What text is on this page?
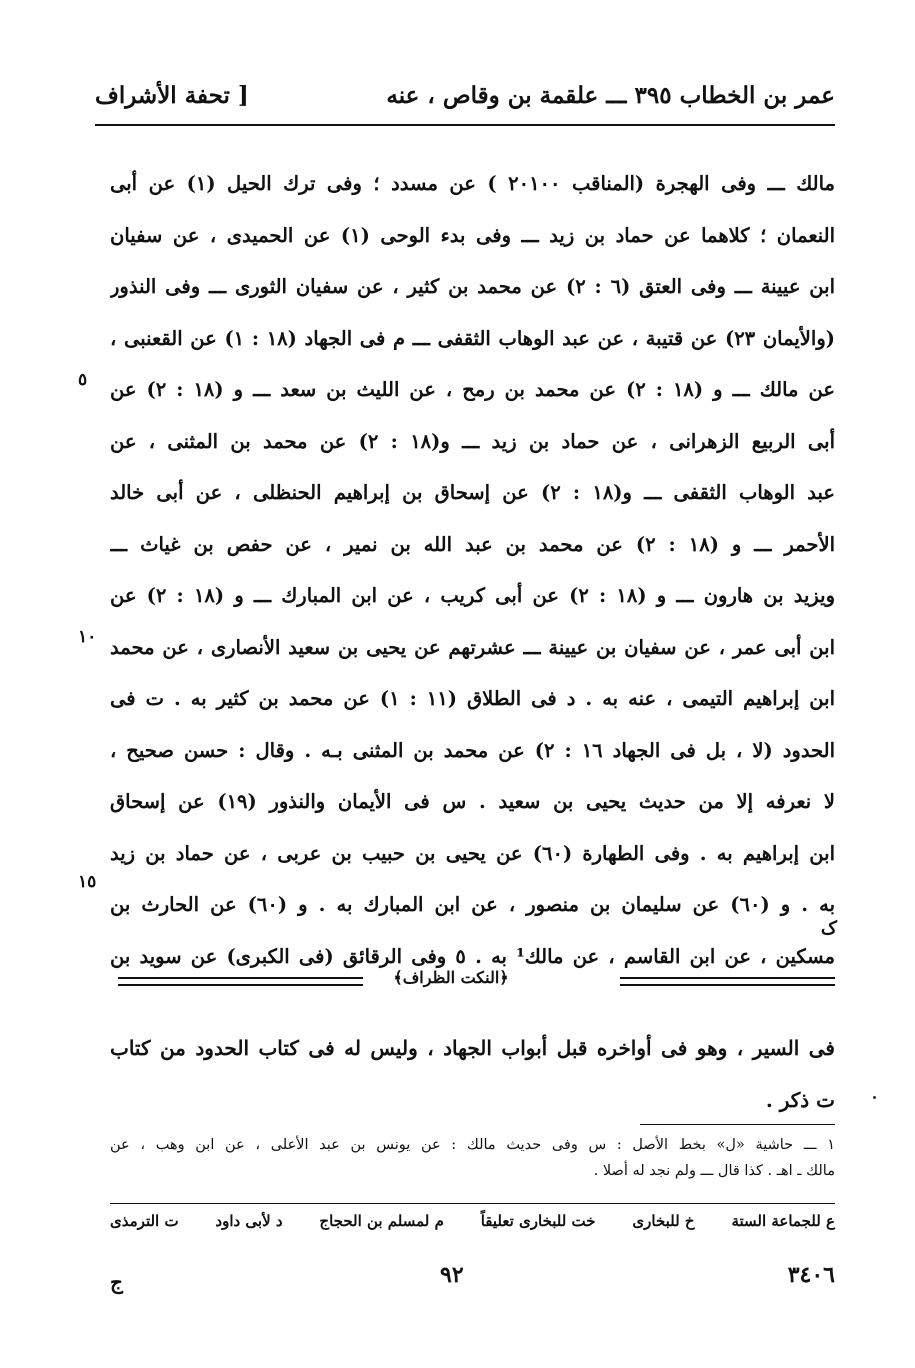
عمر بن الخطاب ٣٩٥ ـــ علقمة بن وقاص ، عنه
[ تحفة الأشراف
مالك ـــ وفى الهجرة (المناقب ٢٠١٠٠ ) عن مسدد ؛ وفى ترك الحيل (١) عن أبى
النعمان ؛ كلاهما عن حماد بن زيد ـــ وفى بدء الوحى (١) عن الحميدى ، عن سفيان
ابن عيينة ـــ وفى العتق (٦ : ٢) عن محمد بن كثير ، عن سفيان الثورى ـــ وفى النذور
(والأيمان ٢٣) عن قتيبة ، عن عبد الوهاب الثقفى ـــ م فى الجهاد (١٨ : ١) عن القعنبى ،
عن مالك ـــ و (١٨ : ٢) عن محمد بن رمح ، عن الليث بن سعد ـــ و (١٨ : ٢) عن
أبى الربيع الزهرانى ، عن حماد بن زيد ـــ و(١٨ : ٢) عن محمد بن المثنى ، عن
عبد الوهاب الثقفى ـــ و(١٨ : ٢) عن إسحاق بن إبراهيم الحنظلى ، عن أبى خالد
الأحمر ـــ و (١٨ : ٢) عن محمد بن عبد الله بن نمير ، عن حفص بن غياث ـــ
ويزيد بن هارون ـــ و (١٨ : ٢) عن أبى كريب ، عن ابن المبارك ـــ و (١٨ : ٢) عن
ابن أبى عمر ، عن سفيان بن عيينة ـــ عشرتهم عن يحيى بن سعيد الأنصارى ، عن محمد
ابن إبراهيم التيمى ، عنه به . د فى الطلاق (١١ : ١) عن محمد بن كثير به . ت فى
الحدود (لا ، بل فى الجهاد ١٦ : ٢) عن محمد بن المثنى بـه . وقال : حسن صحيح ،
لا نعرفه إلا من حديث يحيى بن سعيد . س فى الأيمان والنذور (١٩) عن إسحاق
ابن إبراهيم به . وفى الطهارة (٦٠) عن يحيى بن حبيب بن عربى ، عن حماد بن زيد
به . و (٦٠) عن سليمان بن منصور ، عن ابن المبارك به . و (٦٠) عن الحارث بن
مسكين ، عن ابن القاسم ، عن مالك¹ به . ٥ وفى الرقائق (فى الكبرى) عن سويد بن
٥
١٠
١٥
ک
﴿النكت الظراف﴾
فى السير ، وهو فى أواخره قبل أبواب الجهاد ، وليس له فى كتاب الحدود من كتاب
ت ذكر .
١ ـــ حاشية «ل» بخط الأصل : س وفى حديث مالك : عن يونس بن عبد الأعلى ، عن ابن وهب ، عن
مالك ـ اهـ . كذا قال ـــ ولم نجد له أصلا .
ع للجماعة الستة
خ للبخارى
خت للبخارى تعليقاً
م لمسلم بن الحجاج
د لأبى داود
ت الترمذى
٣٤٠٦
٩٢
ج
